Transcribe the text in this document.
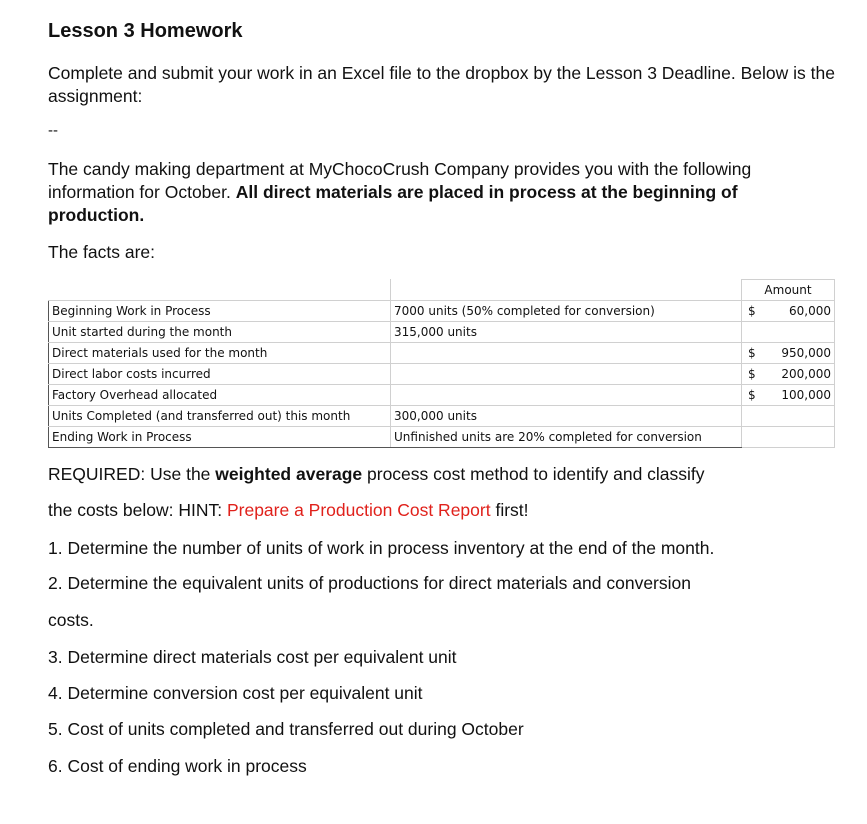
Lesson 3 Homework
Complete and submit your work in an Excel file to the dropbox by the Lesson 3 Deadline. Below is the assignment:
--
The candy making department at MyChocoCrush Company provides you with the following information for October. All direct materials are placed in process at the beginning of production.
The facts are:
		Amount
Beginning Work in Process	7000 units (50% completed for conversion)	$ 60,000

Unit started during the month	315,000 units	
Direct materials used for the month		$ 950,000

Direct labor costs incurred		$ 200,000

Factory Overhead allocated		$ 100,000

Units Completed (and transferred out) this month	300,000 units	
Ending Work in Process	Unfinished units are 20% completed for conversion	
REQUIRED: Use the weighted average process cost method to identify and classify
the costs below: HINT: Prepare a Production Cost Report first!
1. Determine the number of units of work in process inventory at the end of the month.
2. Determine the equivalent units of productions for direct materials and conversion
costs.
3. Determine direct materials cost per equivalent unit
4. Determine conversion cost per equivalent unit
5. Cost of units completed and transferred out during October
6. Cost of ending work in process
